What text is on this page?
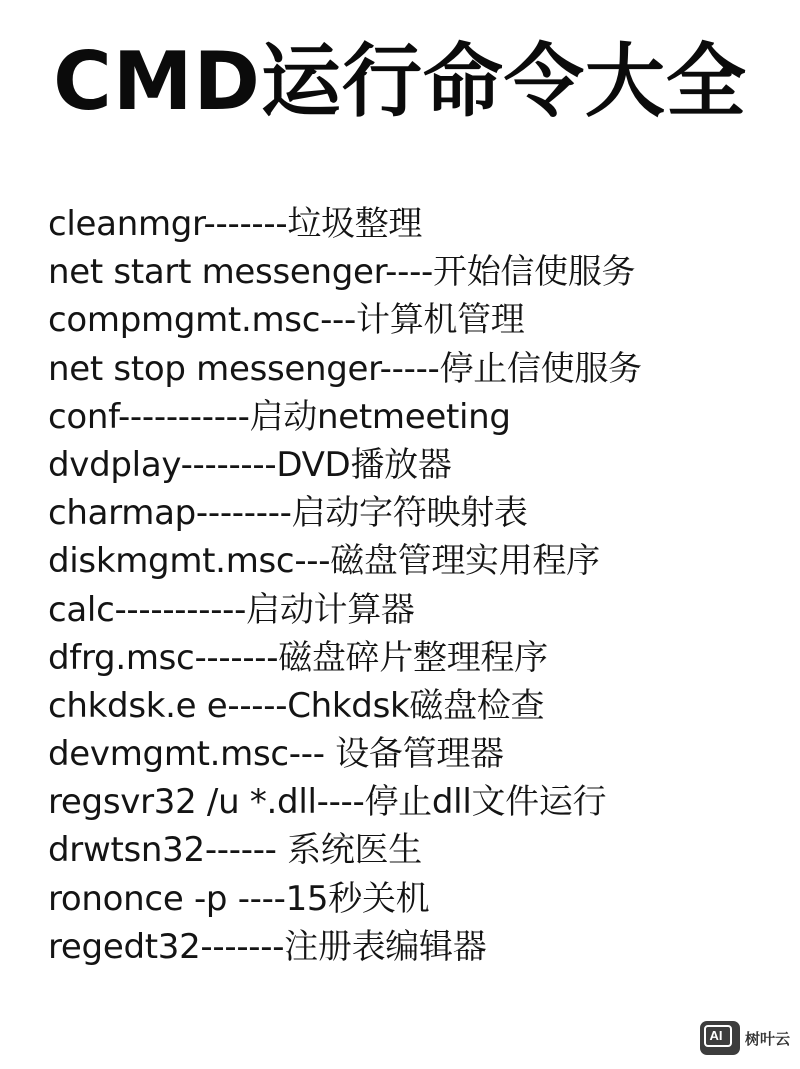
CMD运行命令大全
cleanmgr-------垃圾整理
net start messenger----开始信使服务
compmgmt.msc---计算机管理
net stop messenger-----停止信使服务
conf-----------启动netmeeting
dvdplay--------DVD播放器
charmap--------启动字符映射表
diskmgmt.msc---磁盘管理实用程序
calc-----------启动计算器
dfrg.msc-------磁盘碎片整理程序
chkdsk.e e-----Chkdsk磁盘检查
devmgmt.msc--- 设备管理器
regsvr32 /u *.dll----停止dll文件运行
drwtsn32------ 系统医生
rononce -p ----15秒关机
regedt32-------注册表编辑器
AI 树叶云
